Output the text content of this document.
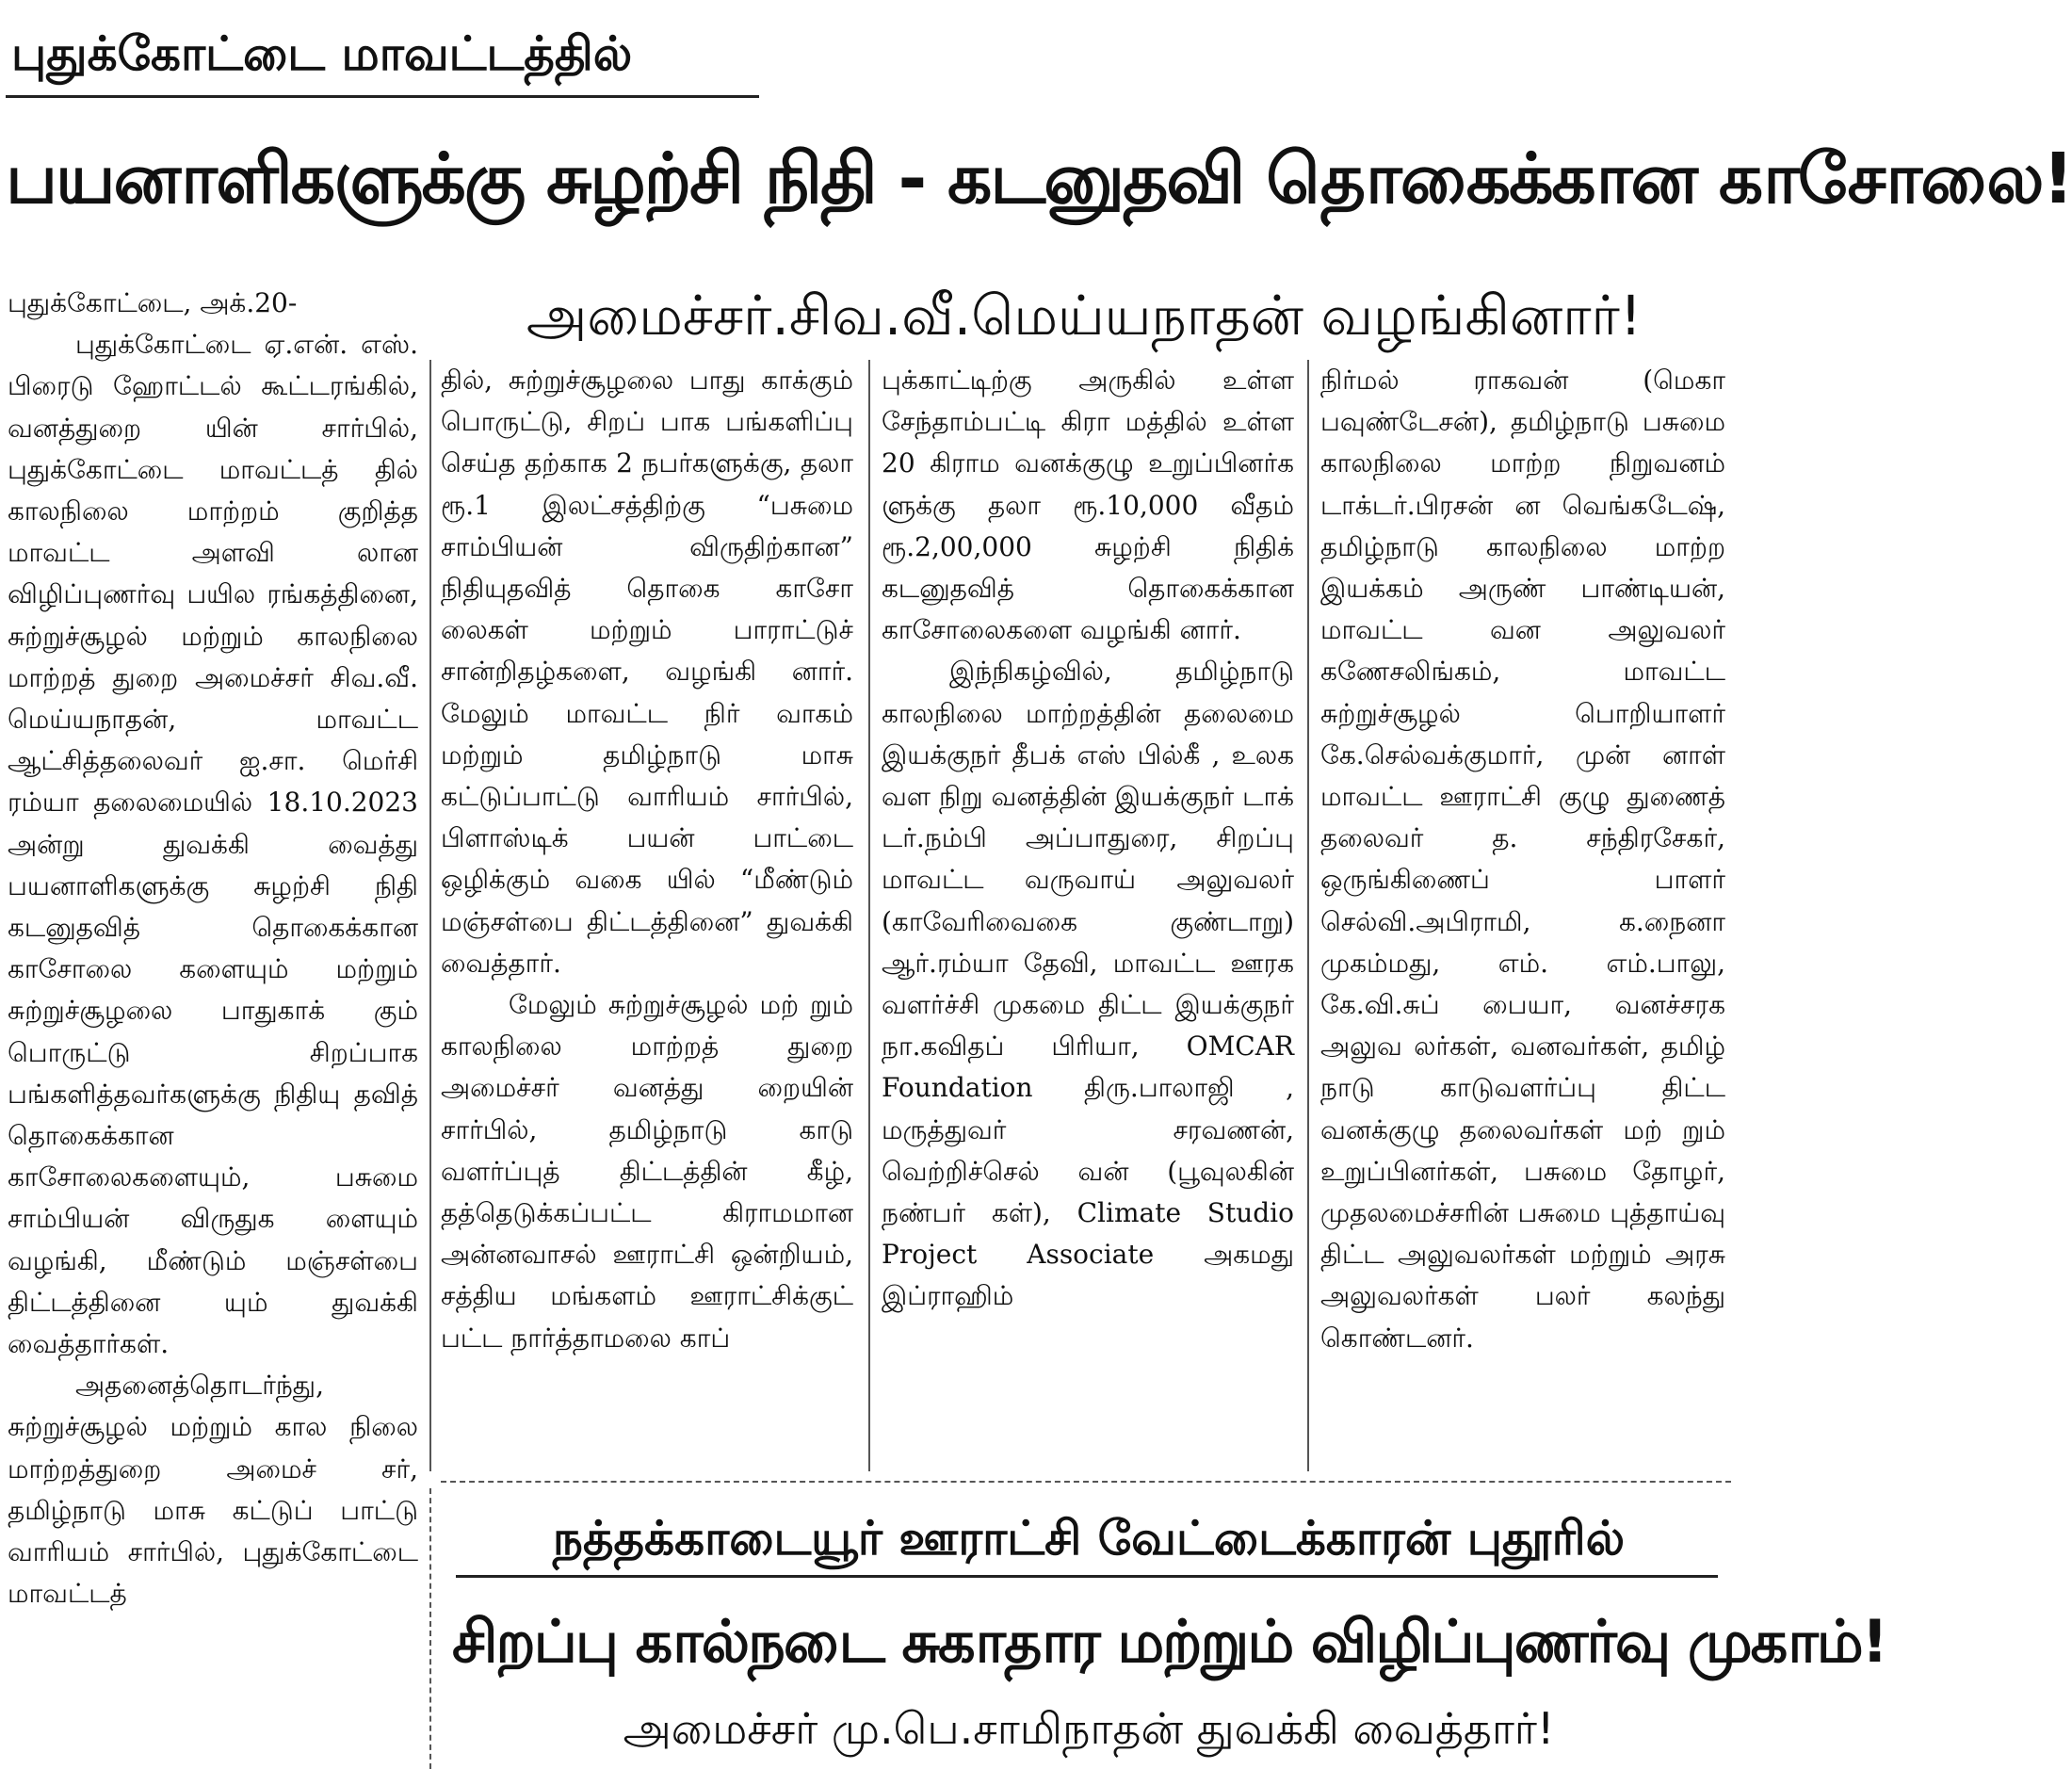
புதுக்கோட்டை மாவட்டத்தில்
பயனாளிகளுக்கு சுழற்சி நிதி - கடனுதவி தொகைக்கான காசோலை!
அமைச்சர்.சிவ.வீ.மெய்யநாதன் வழங்கினார்!

புதுக்கோட்டை, அக்.20-

புதுக்கோட்டை ஏ.என். எஸ். பிரைடு ஹோட்டல் கூட்டரங்கில், வனத்துறை யின் சார்பில், புதுக்கோட்டை மாவட்டத் தில் காலநிலை மாற்றம் குறித்த மாவட்ட அளவி லான விழிப்புணர்வு பயில ரங்கத்தினை, சுற்றுச்சூழல் மற்றும் காலநிலை மாற்றத் துறை அமைச்சர் சிவ.வீ. மெய்யநாதன், மாவட்ட ஆட்சித்தலைவர் ஐ.சா. மெர்சி ரம்யா தலைமையில் 18.10.2023 அன்று துவக்கி வைத்து பயனாளிகளுக்கு சுழற்சி நிதி கடனுதவித் தொகைக்கான காசோலை களையும் மற்றும் சுற்றுச்சூழலை பாதுகாக் கும் பொருட்டு சிறப்பாக பங்களித்தவர்களுக்கு நிதியு தவித் தொகைக்கான காசோலைகளையும், பசுமை சாம்பியன் விருதுக ளையும் வழங்கி, மீண்டும் மஞ்சள்பை திட்டத்தினை யும் துவக்கி வைத்தார்கள்.

அதனைத்தொடர்ந்து, சுற்றுச்சூழல் மற்றும் கால நிலை மாற்றத்துறை அமைச் சர், தமிழ்நாடு மாசு கட்டுப் பாட்டு வாரியம் சார்பில், புதுக்கோட்டை மாவட்டத்

தில், சுற்றுச்சூழலை பாது காக்கும் பொருட்டு, சிறப் பாக பங்களிப்பு செய்த தற்காக 2 நபர்களுக்கு, தலா ரூ.1 இலட்சத்திற்கு “பசுமை சாம்பியன் விருதிற்கான” நிதியுதவித் தொகை காசோ லைகள் மற்றும் பாராட்டுச் சான்றிதழ்களை, வழங்கி னார். மேலும் மாவட்ட நிர் வாகம் மற்றும் தமிழ்நாடு மாசு கட்டுப்பாட்டு வாரியம் சார்பில், பிளாஸ்டிக் பயன் பாட்டை ஒழிக்கும் வகை யில் “மீண்டும் மஞ்சள்பை திட்டத்தினை” துவக்கி வைத்தார்.

மேலும் சுற்றுச்சூழல் மற் றும் காலநிலை மாற்றத் துறை அமைச்சர் வனத்து றையின் சார்பில், தமிழ்நாடு காடு வளர்ப்புத் திட்டத்தின் கீழ், தத்தெடுக்கப்பட்ட கிராமமான அன்னவாசல் ஊராட்சி ஒன்றியம், சத்திய மங்களம் ஊராட்சிக்குட் பட்ட நார்த்தாமலை காப்

புக்காட்டிற்கு அருகில் உள்ள சேந்தாம்பட்டி கிரா மத்தில் உள்ள 20 கிராம வனக்குழு உறுப்பினர்க ளுக்கு தலா ரூ.10,000 வீதம் ரூ.2,00,000 சுழற்சி நிதிக் கடனுதவித் தொகைக்கான காசோலைகளை வழங்கி னார்.

இந்நிகழ்வில், தமிழ்நாடு காலநிலை மாற்றத்தின் தலைமை இயக்குநர் தீபக் எஸ் பில்கீ , உலக வள நிறு வனத்தின் இயக்குநர் டாக் டர்.நம்பி அப்பாதுரை, சிறப்பு மாவட்ட வருவாய் அலுவலர் (காவேரிவைகை குண்டாறு) ஆர்.ரம்யா தேவி, மாவட்ட ஊரக வளர்ச்சி முகமை திட்ட இயக்குநர் நா.கவிதப் பிரியா, OMCAR Foundation திரு.பாலாஜி , மருத்துவர் சரவணன், வெற்றிச்செல் வன் (பூவுலகின் நண்பர் கள்), Climate Studio Project Associate அகமது இப்ராஹிம்

நிர்மல் ராகவன் (மெகா பவுண்டேசன்), தமிழ்நாடு பசுமை காலநிலை மாற்ற நிறுவனம் டாக்டர்.பிரசன் ன வெங்கடேஷ், தமிழ்நாடு காலநிலை மாற்ற இயக்கம் அருண் பாண்டியன், மாவட்ட வன அலுவலர் கணேசலிங்கம், மாவட்ட சுற்றுச்சூழல் பொறியாளர் கே.செல்வக்குமார், முன் னாள் மாவட்ட ஊராட்சி குழு துணைத் தலைவர் த. சந்திரசேகர், ஒருங்கிணைப் பாளர் செல்வி.அபிராமி, க.நைனா முகம்மது, எம். எம்.பாலு, கே.வி.சுப் பையா, வனச்சரக அலுவ லர்கள், வனவர்கள், தமிழ் நாடு காடுவளர்ப்பு திட்ட வனக்குழு தலைவர்கள் மற் றும் உறுப்பினர்கள், பசுமை தோழர், முதலமைச்சரின் பசுமை புத்தாய்வு திட்ட அலுவலர்கள் மற்றும் அரசு அலுவலர்கள் பலர் கலந்து கொண்டனர்.

நத்தக்காடையூர் ஊராட்சி வேட்டைக்காரன் புதூரில்
சிறப்பு கால்நடை சுகாதார மற்றும் விழிப்புணர்வு முகாம்!
அமைச்சர் மு.பெ.சாமிநாதன் துவக்கி வைத்தார்!
